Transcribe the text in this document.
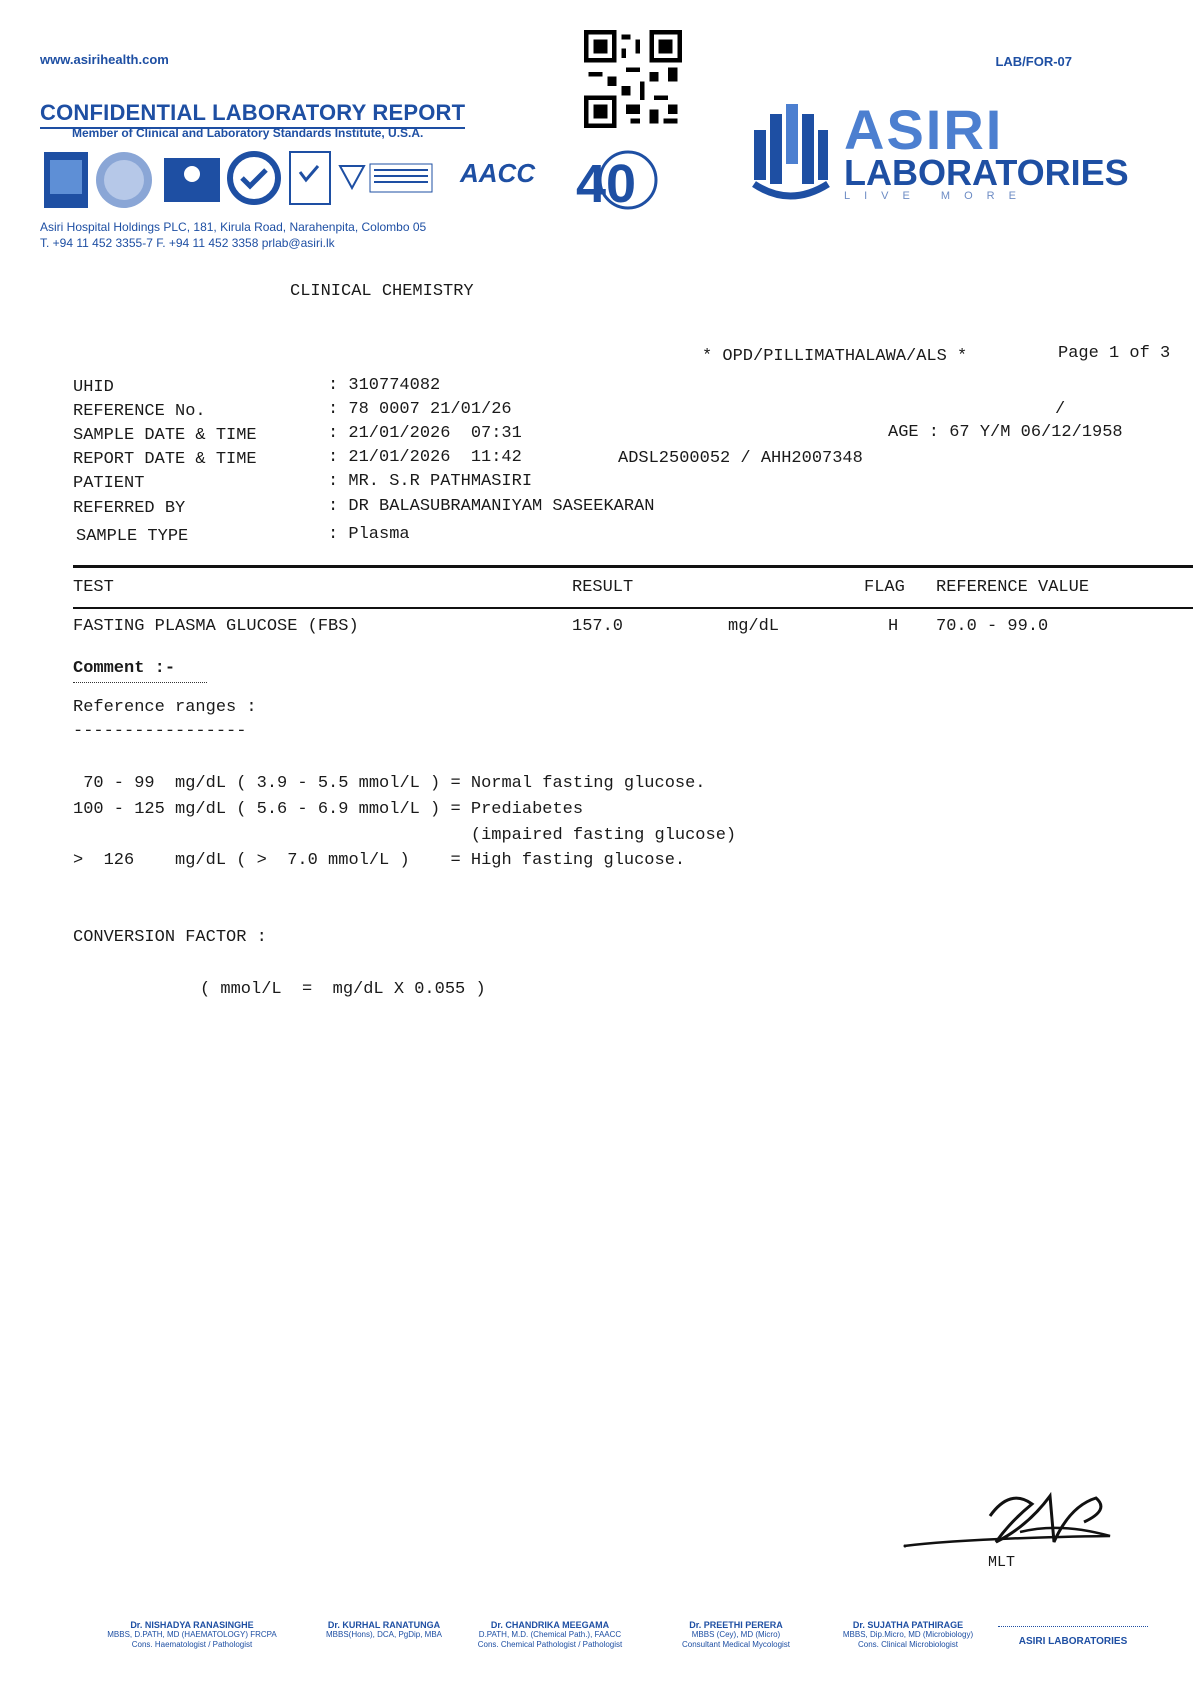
www.asirihealth.com	LAB/FOR-07
CONFIDENTIAL LABORATORY REPORT
Member of Clinical and Laboratory Standards Institute, U.S.A.
AACC 40
Asiri Hospital Holdings PLC, 181, Kirula Road, Narahenpita, Colombo 05
T. +94 11 452 3355-7 F. +94 11 452 3358 prlab@asiri.lk
ASIRI
LABORATORIES
LIVE MORE
CLINICAL CHEMISTRY
* OPD/PILLIMATHALAWA/ALS *	Page 1 of 3
UHID	: 310774082
REFERENCE No.	: 78 0007 21/01/26	/
SAMPLE DATE & TIME	: 21/01/2026  07:31	AGE : 67 Y/M 06/12/1958
REPORT DATE & TIME	: 21/01/2026  11:42	ADSL2500052 / AHH2007348
PATIENT	: MR. S.R PATHMASIRI
REFERRED BY	: DR BALASUBRAMANIYAM SASEEKARAN
SAMPLE TYPE	: Plasma
TEST	RESULT	FLAG REFERENCE VALUE
FASTING PLASMA GLUCOSE (FBS)	157.0	mg/dL	H 70.0 - 99.0
Comment :-
Reference ranges :
-----------------
70 - 99  mg/dL ( 3.9 - 5.5 mmol/L ) = Normal fasting glucose.
100 - 125 mg/dL ( 5.6 - 6.9 mmol/L ) = Prediabetes
(impaired fasting glucose)
>  126    mg/dL ( >  7.0 mmol/L )    = High fasting glucose.
CONVERSION FACTOR :
( mmol/L  =  mg/dL X 0.055 )
MLT
Dr. NISHADYA RANASINGHE
MBBS, D.PATH, MD (HAEMATOLOGY) FRCPA
Cons. Haematologist / Pathologist
Dr. KURHAL RANATUNGA
MBBS(Hons), DCA, PgDip, MBA
Dr. CHANDRIKA MEEGAMA
D.PATH, M.D. (Chemical Path.), FAACC
Cons. Chemical Pathologist / Pathologist
Dr. PREETHI PERERA
MBBS (Cey), MD (Micro)
Consultant Medical Mycologist
Dr. SUJATHA PATHIRAGE
MBBS, Dip.Micro, MD (Microbiology)
Cons. Clinical Microbiologist	ASIRI LABORATORIES
